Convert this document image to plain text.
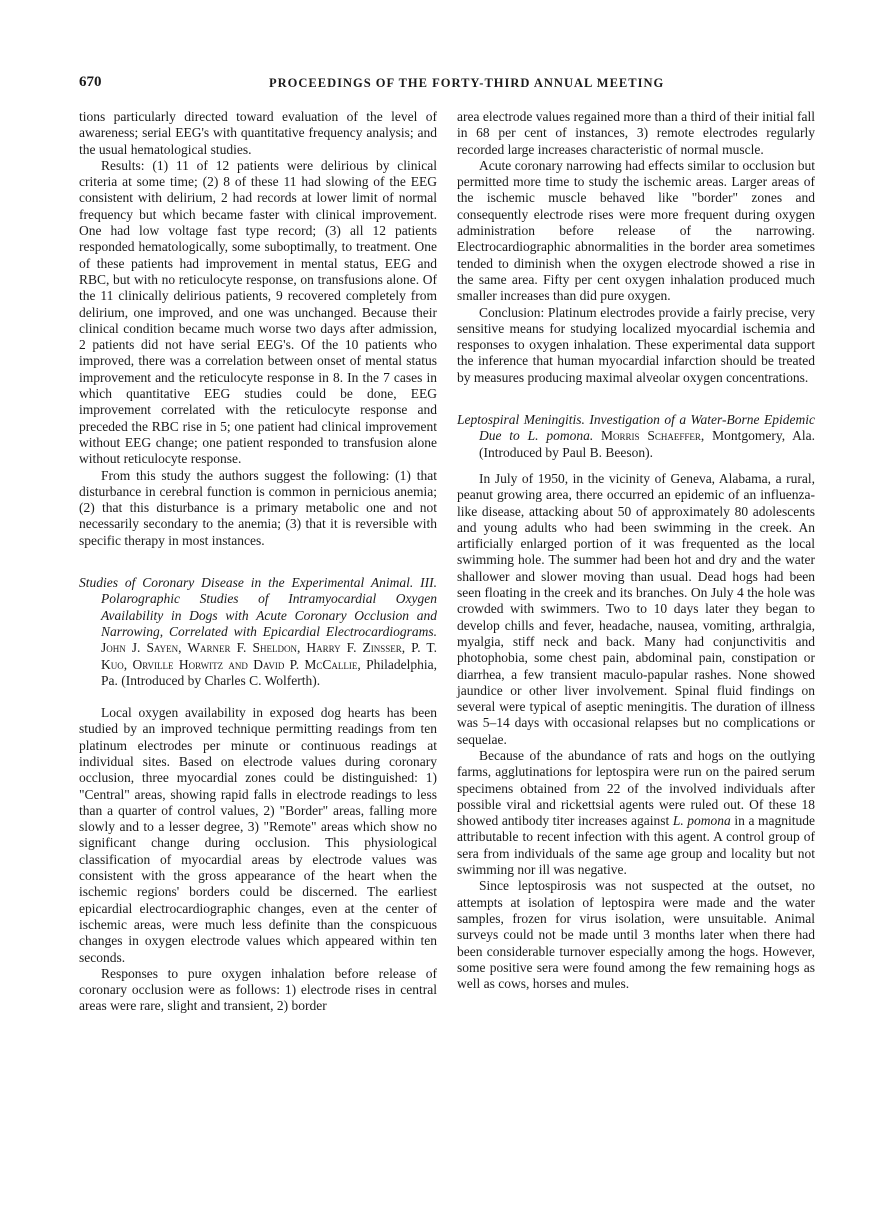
670	PROCEEDINGS OF THE FORTY-THIRD ANNUAL MEETING

tions particularly directed toward evaluation of the level of awareness; serial EEG's with quantitative frequency analysis; and the usual hematological studies.

Results: (1) 11 of 12 patients were delirious by clinical criteria at some time; (2) 8 of these 11 had slowing of the EEG consistent with delirium, 2 had records at lower limit of normal frequency but which became faster with clinical improvement. One had low voltage fast type record; (3) all 12 patients responded hematologically, some suboptimally, to treatment. One of these patients had improvement in mental status, EEG and RBC, but with no reticulocyte response, on transfusions alone. Of the 11 clinically delirious patients, 9 recovered completely from delirium, one improved, and one was unchanged. Because their clinical condition became much worse two days after admission, 2 patients did not have serial EEG's. Of the 10 patients who improved, there was a correlation between onset of mental status improvement and the reticulocyte response in 8. In the 7 cases in which quantitative EEG studies could be done, EEG improvement correlated with the reticulocyte response and preceded the RBC rise in 5; one patient had clinical improvement without EEG change; one patient responded to transfusion alone without reticulocyte response.

From this study the authors suggest the following: (1) that disturbance in cerebral function is common in pernicious anemia; (2) that this disturbance is a primary metabolic one and not necessarily secondary to the anemia; (3) that it is reversible with specific therapy in most instances.

Studies of Coronary Disease in the Experimental Animal. III. Polarographic Studies of Intramyocardial Oxygen Availability in Dogs with Acute Coronary Occlusion and Narrowing, Correlated with Epicardial Electrocardiograms. John J. Sayen, Warner F. Sheldon, Harry F. Zinsser, P. T. Kuo, Orville Horwitz and David P. McCallie, Philadelphia, Pa. (Introduced by Charles C. Wolferth).

Local oxygen availability in exposed dog hearts has been studied by an improved technique permitting readings from ten platinum electrodes per minute or continuous readings at individual sites. Based on electrode values during coronary occlusion, three myocardial zones could be distinguished: 1) "Central" areas, showing rapid falls in electrode readings to less than a quarter of control values, 2) "Border" areas, falling more slowly and to a lesser degree, 3) "Remote" areas which show no significant change during occlusion. This physiological classification of myocardial areas by electrode values was consistent with the gross appearance of the heart when the ischemic regions' borders could be discerned. The earliest epicardial electrocardiographic changes, even at the center of ischemic areas, were much less definite than the conspicuous changes in oxygen electrode values which appeared within ten seconds.

Responses to pure oxygen inhalation before release of coronary occlusion were as follows: 1) electrode rises in central areas were rare, slight and transient, 2) border

area electrode values regained more than a third of their initial fall in 68 per cent of instances, 3) remote electrodes regularly recorded large increases characteristic of normal muscle.

Acute coronary narrowing had effects similar to occlusion but permitted more time to study the ischemic areas. Larger areas of the ischemic muscle behaved like "border" zones and consequently electrode rises were more frequent during oxygen administration before release of the narrowing. Electrocardiographic abnormalities in the border area sometimes tended to diminish when the oxygen electrode showed a rise in the same area. Fifty per cent oxygen inhalation produced much smaller increases than did pure oxygen.

Conclusion: Platinum electrodes provide a fairly precise, very sensitive means for studying localized myocardial ischemia and responses to oxygen inhalation. These experimental data support the inference that human myocardial infarction should be treated by measures producing maximal alveolar oxygen concentrations.

Leptospiral Meningitis. Investigation of a Water-Borne Epidemic Due to L. pomona. Morris Schaeffer, Montgomery, Ala. (Introduced by Paul B. Beeson).

In July of 1950, in the vicinity of Geneva, Alabama, a rural, peanut growing area, there occurred an epidemic of an influenza-like disease, attacking about 50 of approximately 80 adolescents and young adults who had been swimming in the creek. An artificially enlarged portion of it was frequented as the local swimming hole. The summer had been hot and dry and the water shallower and slower moving than usual. Dead hogs had been seen floating in the creek and its branches. On July 4 the hole was crowded with swimmers. Two to 10 days later they began to develop chills and fever, headache, nausea, vomiting, arthralgia, myalgia, stiff neck and back. Many had conjunctivitis and photophobia, some chest pain, abdominal pain, constipation or diarrhea, a few transient maculo-papular rashes. None showed jaundice or other liver involvement. Spinal fluid findings on several were typical of aseptic meningitis. The duration of illness was 5–14 days with occasional relapses but no complications or sequelae.

Because of the abundance of rats and hogs on the outlying farms, agglutinations for leptospira were run on the paired serum specimens obtained from 22 of the involved individuals after possible viral and rickettsial agents were ruled out. Of these 18 showed antibody titer increases against L. pomona in a magnitude attributable to recent infection with this agent. A control group of sera from individuals of the same age group and locality but not swimming nor ill was negative.

Since leptospirosis was not suspected at the outset, no attempts at isolation of leptospira were made and the water samples, frozen for virus isolation, were unsuitable. Animal surveys could not be made until 3 months later when there had been considerable turnover especially among the hogs. However, some positive sera were found among the few remaining hogs as well as cows, horses and mules.
